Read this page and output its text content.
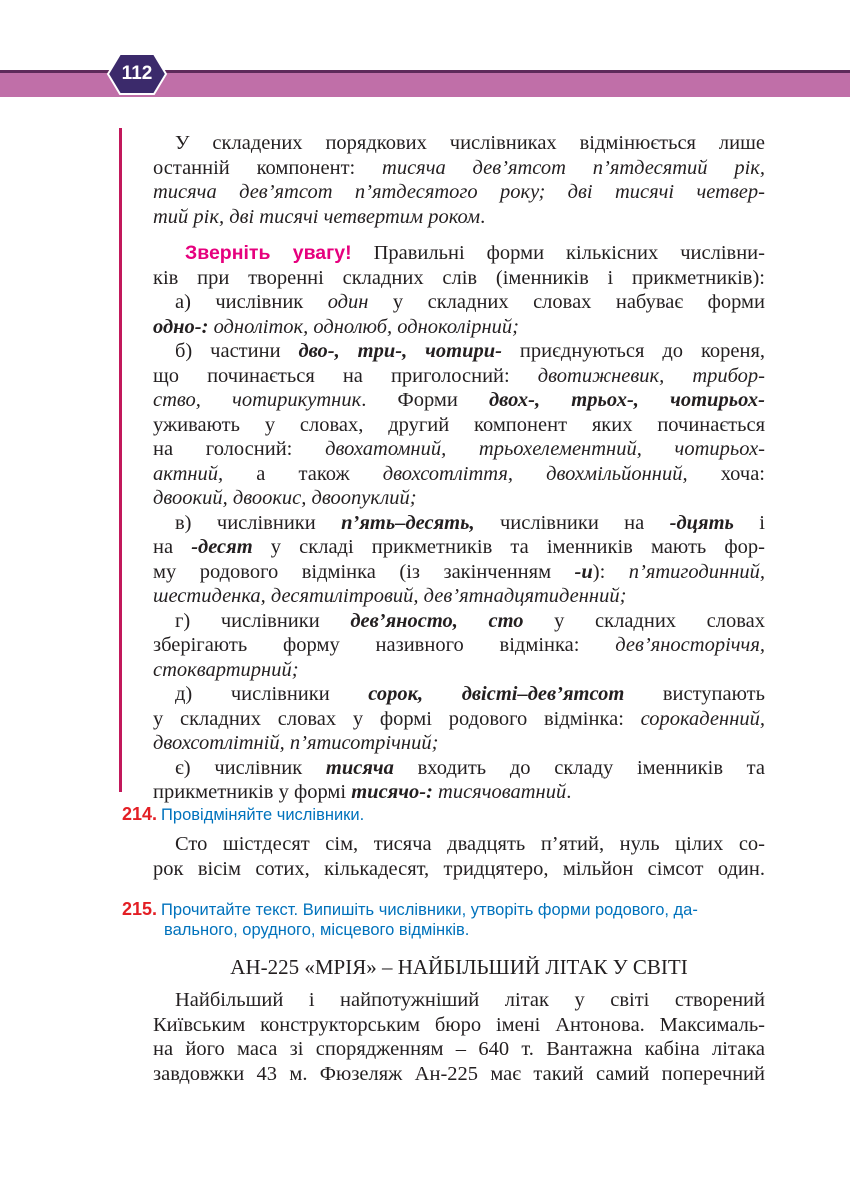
112
У складених порядкових числівниках відмінюється лише
останній компонент: тисяча дев’ятсот п’ятдесятий рік,
тисяча дев’ятсот п’ятдесятого року; дві тисячі четвер-
тий рік, дві тисячі четвертим роком.
Зверніть увагу! Правильні форми кількісних числівни-
ків при творенні складних слів (іменників і прикметників):
а) числівник один у складних словах набуває форми
одно-: одноліток, однолюб, одноколірний;
б) частини дво-, три-, чотири- приєднуються до кореня,
що починається на приголосний: двотижневик, трибор-
ство, чотирикутник. Форми двох-, трьох-, чотирьох-
уживають у словах, другий компонент яких починається
на голосний: двохатомний, трьохелементний, чотирьох-
актний, а також двохсотліття, двохмільйонний, хоча:
двоокий, двоокис, двоопуклий;
в) числівники п’ять–десять, числівники на -дцять і
на -десят у складі прикметників та іменників мають фор-
му родового відмінка (із закінченням -и): п’ятигодинний,
шестиденка, десятилітровий, дев’ятнадцятиденний;
г) числівники дев’яносто, сто у складних словах
зберігають форму називного відмінка: дев’яносторіччя,
стоквартирний;
д) числівники сорок, двісті–дев’ятсот виступають
у складних словах у формі родового відмінка: сорокаденний,
двохсотлітній, п’ятисотрічний;
є) числівник тисяча входить до складу іменників та
прикметників у формі тисячо-: тисячоватний.
214. Провідміняйте числівники.
Сто шістдесят сім, тисяча двадцять п’ятий, нуль цілих со-
рок вісім сотих, кількадесят, тридцятеро, мільйон сімсот один.
215. Прочитайте текст. Випишіть числівники, утворіть форми родового, да-
вального, орудного, місцевого відмінків.
АН-225 «МРІЯ» – НАЙБІЛЬШИЙ ЛІТАК У СВІТІ
Найбільший і найпотужніший літак у світі створений
Київським конструкторським бюро імені Антонова. Максималь-
на його маса зі спорядженням – 640 т. Вантажна кабіна літака
завдовжки 43 м. Фюзеляж Ан-225 має такий самий поперечний
